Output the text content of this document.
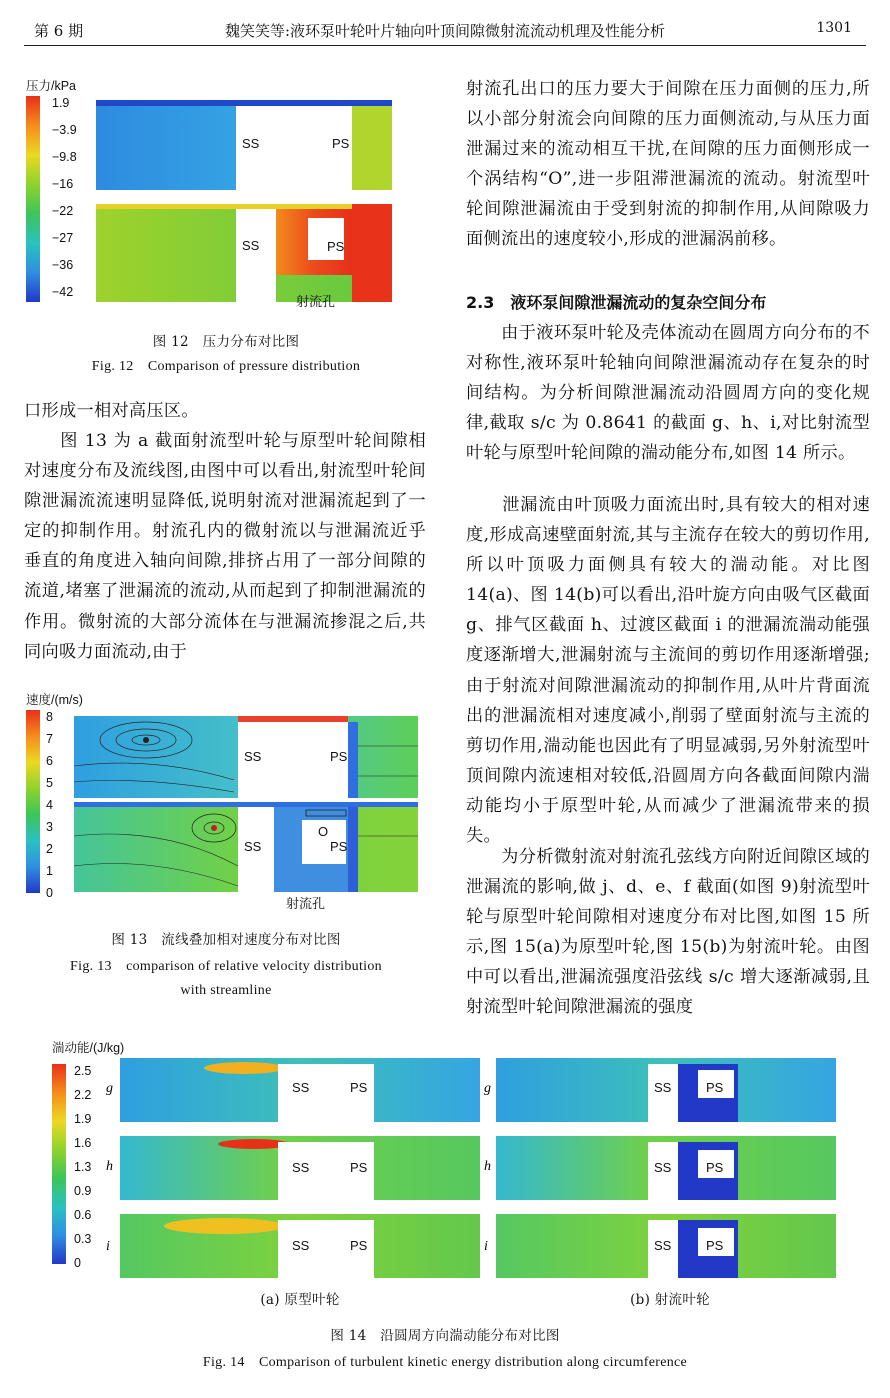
第 6 期	魏笑笑等:液环泵叶轮叶片轴向叶顶间隙微射流流动机理及性能分析	1301
压力/kPa
1.9
−3.9
−9.8
−16
−22
−27
−36
−42
SS	PS
SS	PS
射流孔
图 12　压力分布对比图
Fig. 12　Comparison of pressure distribution
口形成一相对高压区。
　　图 13 为 a 截面射流型叶轮与原型叶轮间隙相对速度分布及流线图,由图中可以看出,射流型叶轮间隙泄漏流流速明显降低,说明射流对泄漏流起到了一定的抑制作用。射流孔内的微射流以与泄漏流近乎垂直的角度进入轴向间隙,排挤占用了一部分间隙的流道,堵塞了泄漏流的流动,从而起到了抑制泄漏流的作用。微射流的大部分流体在与泄漏流掺混之后,共同向吸力面流动,由于
速度/(m/s)
8
7
6
5
4
3
2
1
0
SS	PS
O
SS	PS
射流孔
图 13　流线叠加相对速度分布对比图
Fig. 13　comparison of relative velocity distribution
with streamline
射流孔出口的压力要大于间隙在压力面侧的压力,所以小部分射流会向间隙的压力面侧流动,与从压力面泄漏过来的流动相互干扰,在间隙的压力面侧形成一个涡结构“O”,进一步阻滞泄漏流的流动。射流型叶轮间隙泄漏流由于受到射流的抑制作用,从间隙吸力面侧流出的速度较小,形成的泄漏涡前移。
2.3　液环泵间隙泄漏流动的复杂空间分布
　　由于液环泵叶轮及壳体流动在圆周方向分布的不对称性,液环泵叶轮轴向间隙泄漏流动存在复杂的时间结构。为分析间隙泄漏流动沿圆周方向的变化规律,截取 s/c 为 0.8641 的截面 g、h、i,对比射流型叶轮与原型叶轮间隙的湍动能分布,如图 14 所示。
　　泄漏流由叶顶吸力面流出时,具有较大的相对速度,形成高速壁面射流,其与主流存在较大的剪切作用,所以叶顶吸力面侧具有较大的湍动能。对比图 14(a)、图 14(b)可以看出,沿叶旋方向由吸气区截面 g、排气区截面 h、过渡区截面 i 的泄漏流湍动能强度逐渐增大,泄漏射流与主流间的剪切作用逐渐增强;由于射流对间隙泄漏流动的抑制作用,从叶片背面流出的泄漏流相对速度减小,削弱了壁面射流与主流的剪切作用,湍动能也因此有了明显减弱,另外射流型叶顶间隙内流速相对较低,沿圆周方向各截面间隙内湍动能均小于原型叶轮,从而减少了泄漏流带来的损失。
　　为分析微射流对射流孔弦线方向附近间隙区域的泄漏流的影响,做 j、d、e、f 截面(如图 9)射流型叶轮与原型叶轮间隙相对速度分布对比图,如图 15 所示,图 15(a)为原型叶轮,图 15(b)为射流叶轮。由图中可以看出,泄漏流强度沿弦线 s/c 增大逐渐减弱,且射流型叶轮间隙泄漏流的强度
湍动能/(J/kg)
2.5
2.2
1.9
1.6
1.3
0.9
0.6
0.3
0
g
h
i
g
h
i
SS	PS
SS	PS
SS	PS
SS	PS
SS	PS
SS	PS
(a) 原型叶轮	(b) 射流叶轮
图 14　沿圆周方向湍动能分布对比图
Fig. 14　Comparison of turbulent kinetic energy distribution along circumference
